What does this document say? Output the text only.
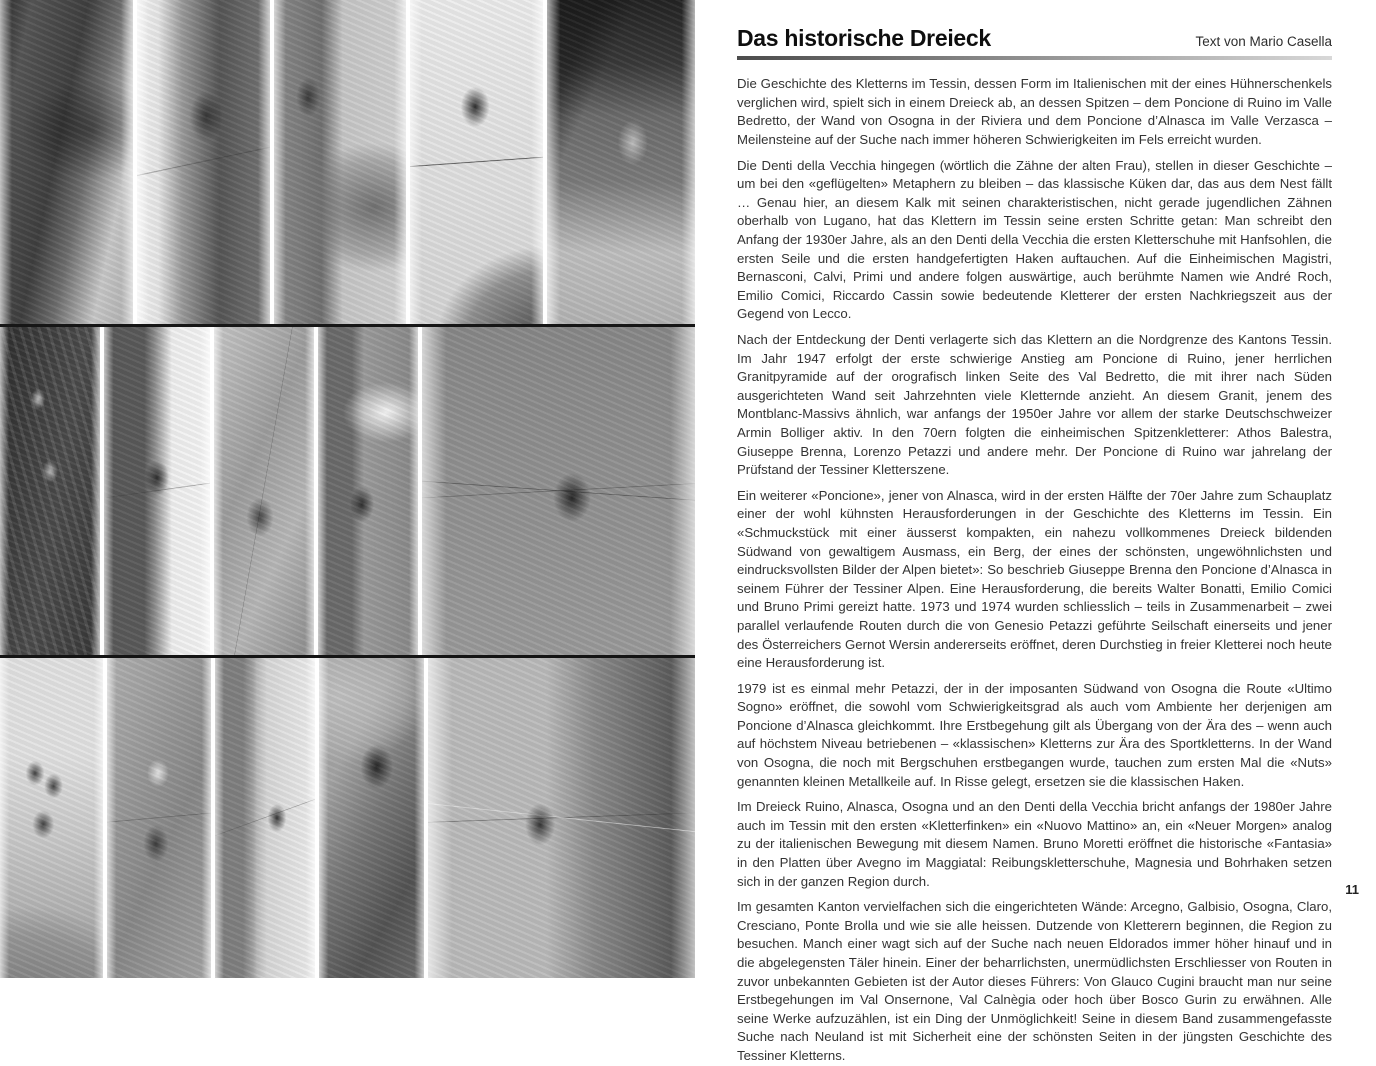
Das historische Dreieck	Text von Mario Casella

Die Geschichte des Kletterns im Tessin, dessen Form im Italienischen mit der eines Hühnerschenkels verglichen wird, spielt sich in einem Dreieck ab, an dessen Spitzen – dem Poncione di Ruino im Valle Bedretto, der Wand von Osogna in der Riviera und dem Poncione d’Alnasca im Valle Verzasca – Meilensteine auf der Suche nach immer höheren Schwierigkeiten im Fels erreicht wurden.

Die Denti della Vecchia hingegen (wörtlich die Zähne der alten Frau), stellen in dieser Geschichte – um bei den «geflügelten» Metaphern zu bleiben – das klassische Küken dar, das aus dem Nest fällt … Genau hier, an diesem Kalk mit seinen charakteristischen, nicht gerade jugendlichen Zähnen oberhalb von Lugano, hat das Klettern im Tessin seine ersten Schritte getan: Man schreibt den Anfang der 1930er Jahre, als an den Denti della Vecchia die ersten Kletterschuhe mit Hanfsohlen, die ersten Seile und die ersten handgefertigten Haken auftauchen. Auf die Einheimischen Magistri, Bernasconi, Calvi, Primi und andere folgen auswärtige, auch berühmte Namen wie André Roch, Emilio Comici, Riccardo Cassin sowie bedeutende Kletterer der ersten Nachkriegszeit aus der Gegend von Lecco.

Nach der Entdeckung der Denti verlagerte sich das Klettern an die Nordgrenze des Kantons Tessin. Im Jahr 1947 erfolgt der erste schwierige Anstieg am Poncione di Ruino, jener herrlichen Granitpyramide auf der orografisch linken Seite des Val Bedretto, die mit ihrer nach Süden ausgerichteten Wand seit Jahrzehnten viele Kletternde anzieht. An diesem Granit, jenem des Montblanc-Massivs ähnlich, war anfangs der 1950er Jahre vor allem der starke Deutschschweizer Armin Bolliger aktiv. In den 70ern folgten die einheimischen Spitzenkletterer: Athos Balestra, Giuseppe Brenna, Lorenzo Petazzi und andere mehr. Der Poncione di Ruino war jahrelang der Prüfstand der Tessiner Kletterszene.

Ein weiterer «Poncione», jener von Alnasca, wird in der ersten Hälfte der 70er Jahre zum Schauplatz einer der wohl kühnsten Herausforderungen in der Geschichte des Kletterns im Tessin. Ein «Schmuckstück mit einer äusserst kompakten, ein nahezu vollkommenes Dreieck bildenden Südwand von gewaltigem Ausmass, ein Berg, der eines der schönsten, ungewöhnlichsten und eindrucksvollsten Bilder der Alpen bietet»: So beschrieb Giuseppe Brenna den Poncione d’Alnasca in seinem Führer der Tessiner Alpen. Eine Herausforderung, die bereits Walter Bonatti, Emilio Comici und Bruno Primi gereizt hatte. 1973 und 1974 wurden schliesslich – teils in Zusammenarbeit – zwei parallel verlaufende Routen durch die von Genesio Petazzi geführte Seilschaft einerseits und jener des Österreichers Gernot Wersin andererseits eröffnet, deren Durchstieg in freier Kletterei noch heute eine Herausforderung ist.

1979 ist es einmal mehr Petazzi, der in der imposanten Südwand von Osogna die Route «Ultimo Sogno» eröffnet, die sowohl vom Schwierigkeitsgrad als auch vom Ambiente her derjenigen am Poncione d’Alnasca gleichkommt. Ihre Erstbegehung gilt als Übergang von der Ära des – wenn auch auf höchstem Niveau betriebenen – «klassischen» Kletterns zur Ära des Sportkletterns. In der Wand von Osogna, die noch mit Bergschuhen erstbegangen wurde, tauchen zum ersten Mal die «Nuts» genannten kleinen Metallkeile auf. In Risse gelegt, ersetzen sie die klassischen Haken.

Im Dreieck Ruino, Alnasca, Osogna und an den Denti della Vecchia bricht anfangs der 1980er Jahre auch im Tessin mit den ersten «Kletterfinken» ein «Nuovo Mattino» an, ein «Neuer Morgen» analog zu der italienischen Bewegung mit diesem Namen. Bruno Moretti eröffnet die historische «Fantasia» in den Platten über Avegno im Maggiatal: Reibungskletterschuhe, Magnesia und Bohrhaken setzen sich in der ganzen Region durch.

Im gesamten Kanton vervielfachen sich die eingerichteten Wände: Arcegno, Galbisio, Osogna, Claro, Cresciano, Ponte Brolla und wie sie alle heissen. Dutzende von Kletterern beginnen, die Region zu besuchen. Manch einer wagt sich auf der Suche nach neuen Eldorados immer höher hinauf und in die abgelegensten Täler hinein. Einer der beharrlichsten, unermüdlichsten Erschliesser von Routen in zuvor unbekannten Gebieten ist der Autor dieses Führers: Von Glauco Cugini braucht man nur seine Erstbegehungen im Val Onsernone, Val Calnègia oder hoch über Bosco Gurin zu erwähnen. Alle seine Werke aufzuzählen, ist ein Ding der Unmöglichkeit! Seine in diesem Band zusammengefasste Suche nach Neuland ist mit Sicherheit eine der schönsten Seiten in der jüngsten Geschichte des Tessiner Kletterns.

11
